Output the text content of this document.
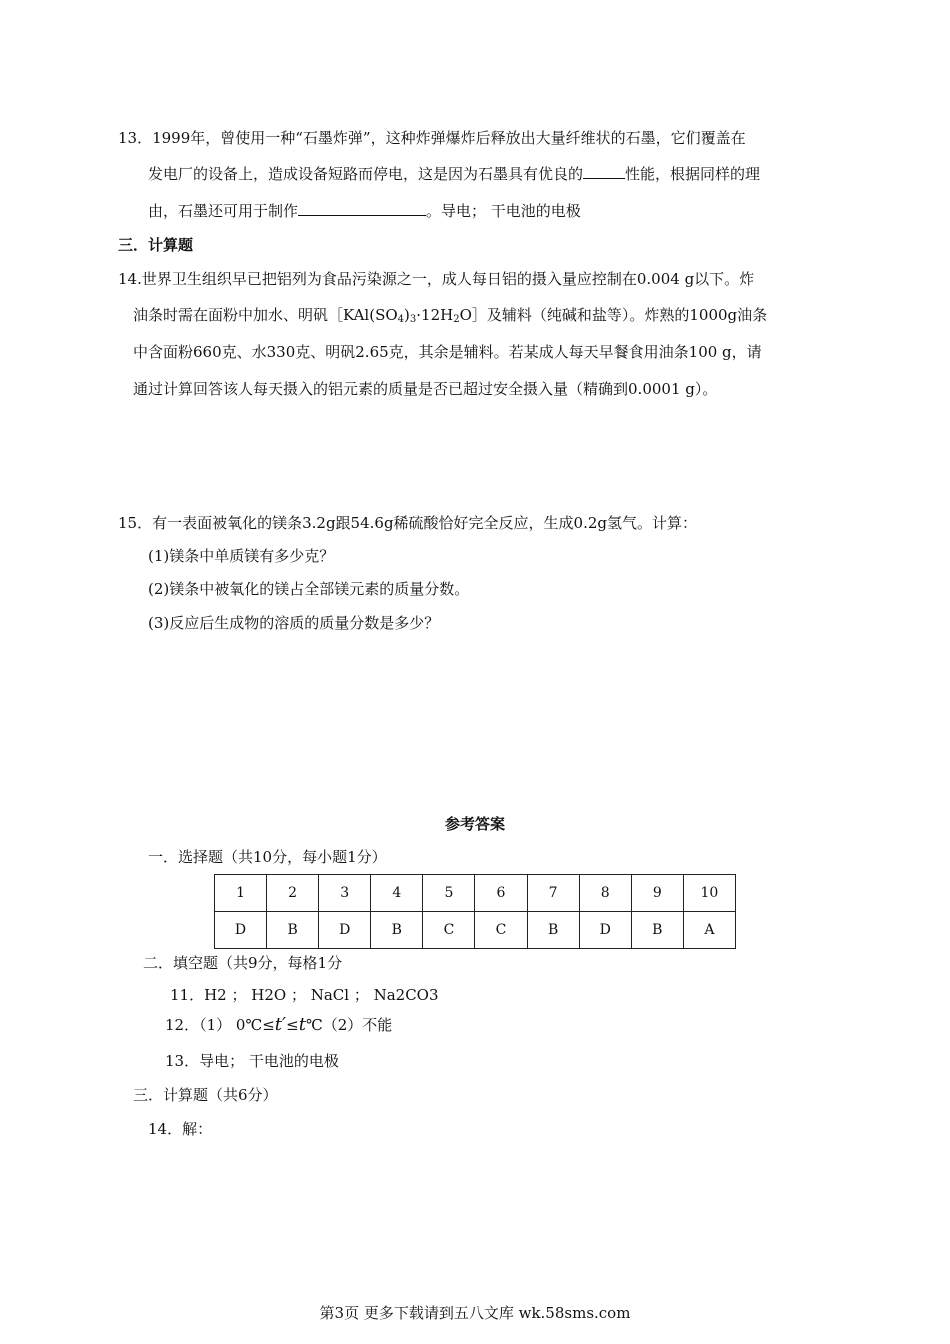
13．1999年，曾使用一种“石墨炸弹”，这种炸弹爆炸后释放出大量纤维状的石墨，它们覆盖在
发电厂的设备上，造成设备短路而停电，这是因为石墨具有优良的	性能，根据同样的理
由，石墨还可用于制作	。导电； 干电池的电极
三．计算题
14.世界卫生组织早已把铝列为食品污染源之一，成人每日铝的摄入量应控制在0.004 g以下。炸
油条时需在面粉中加水、明矾$[KAl(SO_4)_3\cdot 12H_2O]$及辅料（纯碱和盐等）。炸熟的1000g油条
中含面粉660克、水330克、明矾2.65克，其余是辅料。若某成人每天早餐食用油条100 g，请
通过计算回答该人每天摄入的铝元素的质量是否已超过安全摄入量（精确到0.0001 g）。
15．有一表面被氧化的镁条3.2g跟54.6g稀硫酸恰好完全反应，生成0.2g氢气。计算：
(1)镁条中单质镁有多少克？
(2)镁条中被氧化的镁占全部镁元素的质量分数。
(3)反应后生成物的溶质的质量分数是多少？
参考答案
一．选择题（共10分，每小题1分）
1	2	3	4	5	6	7	8	9	10
D	B	D	B	C	C	B	D	B	A
二．填空题（共9分，每格1分
11．H2 ； H2O ； NaCl ； Na2CO3
12．（1） 0℃≤t′≤t℃（2）不能
13．导电； 干电池的电极
三．计算题（共6分）
14．解：
第3页 更多下载请到五八文库 wk.58sms.com
